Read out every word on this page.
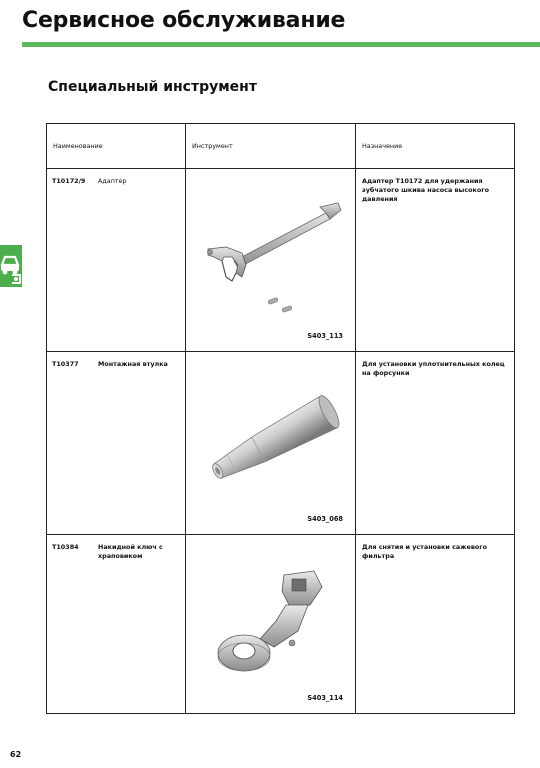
Сервисное обслуживание
Специальный инструмент
Наименование	Инструмент	Назначение

T10172/9 Адаптер	S403_113	Адаптер T10172 для удержания зубчатого шкива насоса высокого давления

T10377 Монтажная втулка	S403_068	Для установки уплотнительных колец на форсунки

T10384 Накидной ключ с храповиком	S403_114	Для снятия и установки сажевого фильтра
62
